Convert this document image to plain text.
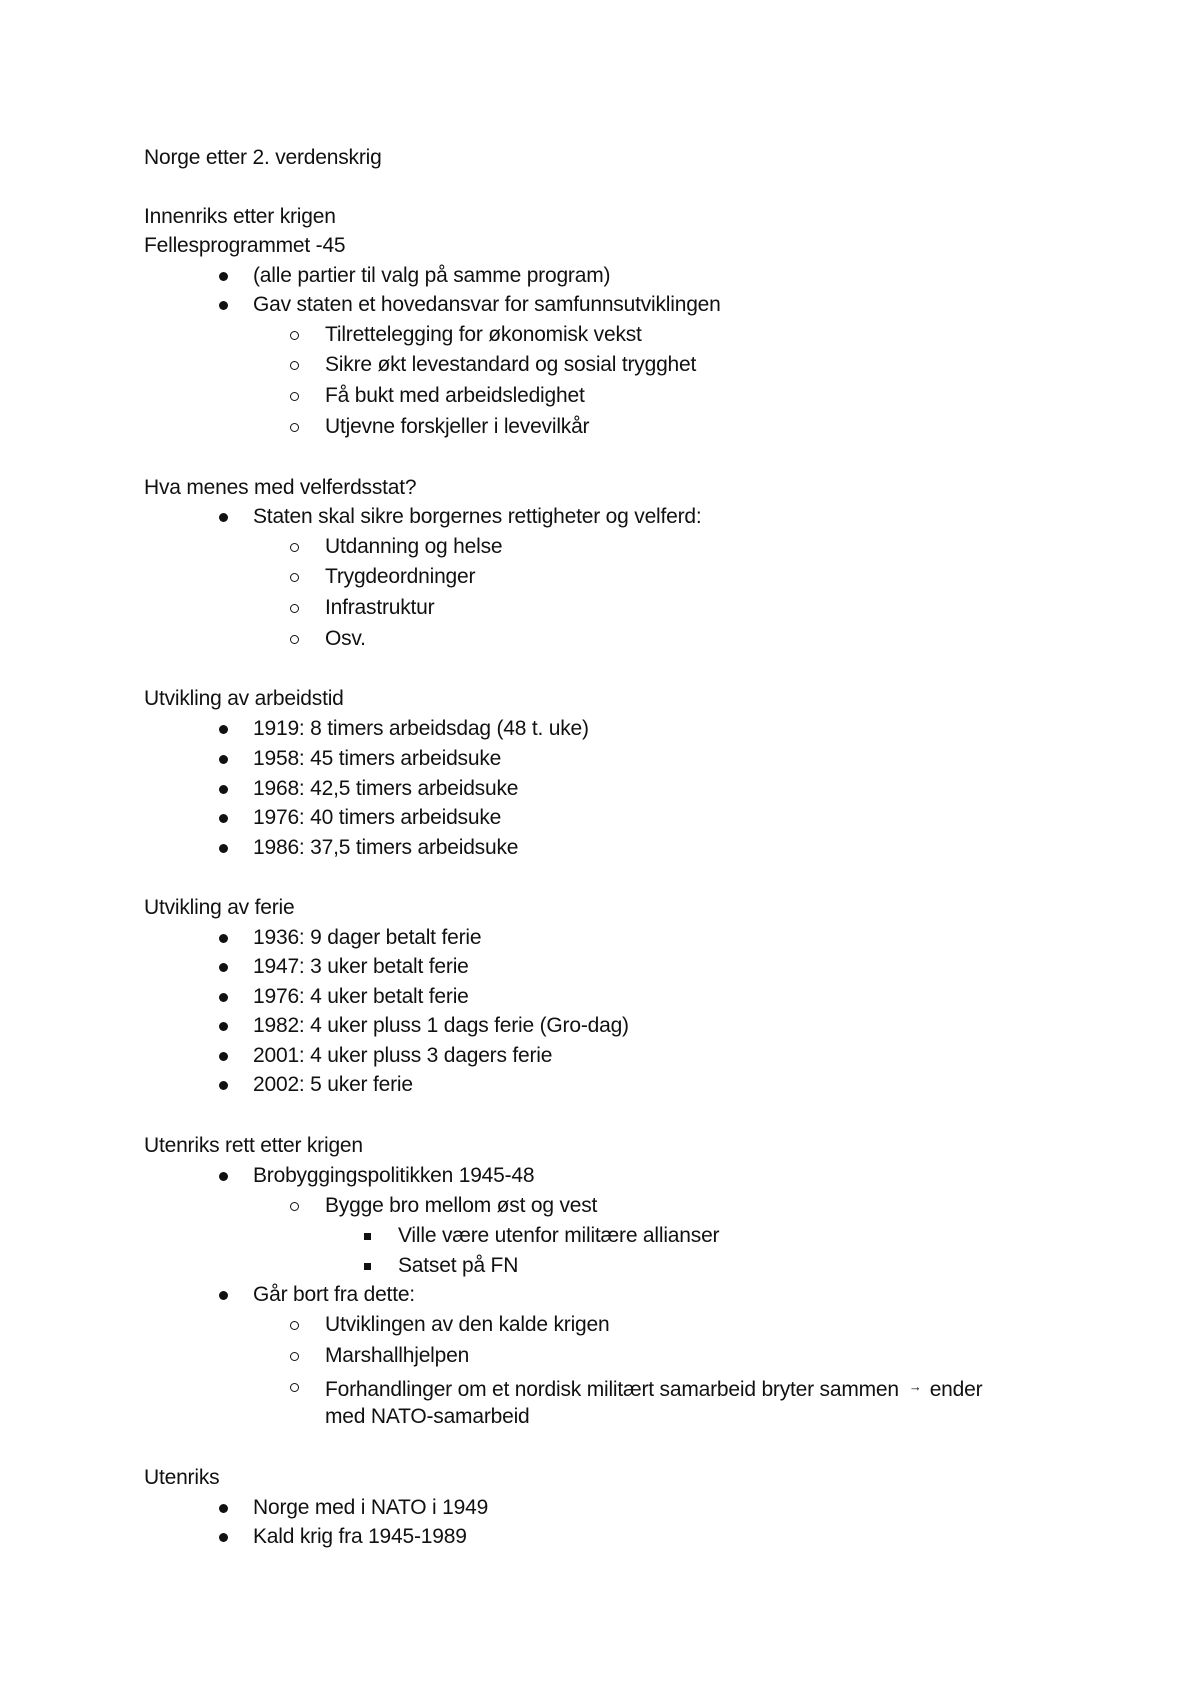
Norge etter 2. verdenskrig
Innenriks etter krigen
Fellesprogrammet -45
(alle partier til valg på samme program)
Gav staten et hovedansvar for samfunnsutviklingen
Tilrettelegging for økonomisk vekst
Sikre økt levestandard og sosial trygghet
Få bukt med arbeidsledighet
Utjevne forskjeller i levevilkår
Hva menes med velferdsstat?
Staten skal sikre borgernes rettigheter og velferd:
Utdanning og helse
Trygdeordninger
Infrastruktur
Osv.
Utvikling av arbeidstid
1919: 8 timers arbeidsdag (48 t. uke)
1958: 45 timers arbeidsuke
1968: 42,5 timers arbeidsuke
1976: 40 timers arbeidsuke
1986: 37,5 timers arbeidsuke
Utvikling av ferie
1936: 9 dager betalt ferie
1947: 3 uker betalt ferie
1976: 4 uker betalt ferie
1982: 4 uker pluss 1 dags ferie (Gro-dag)
2001: 4 uker pluss 3 dagers ferie
2002: 5 uker ferie
Utenriks rett etter krigen
Brobyggingspolitikken 1945-48
Bygge bro mellom øst og vest
Ville være utenfor militære allianser
Satset på FN
Går bort fra dette:
Utviklingen av den kalde krigen
Marshallhjelpen
Forhandlinger om et nordisk militært samarbeid bryter sammen → ender
med NATO-samarbeid
Utenriks
Norge med i NATO i 1949
Kald krig fra 1945-1989
